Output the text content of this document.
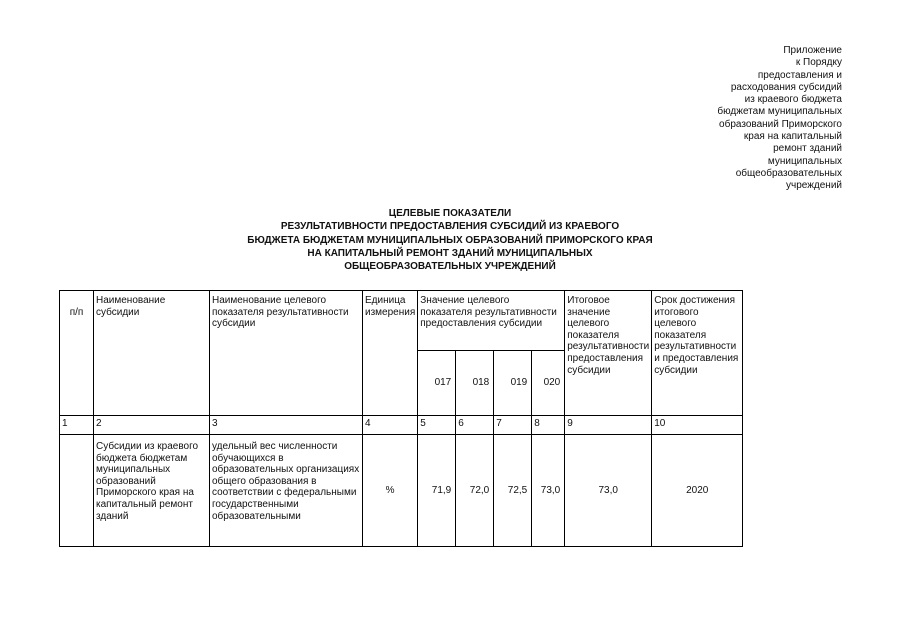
Приложение
к Порядку
предоставления и
расходования субсидий
из краевого бюджета
бюджетам муниципальных
образований Приморского
края на капитальный
ремонт зданий
муниципальных
общеобразовательных
учреждений
ЦЕЛЕВЫЕ ПОКАЗАТЕЛИ
РЕЗУЛЬТАТИВНОСТИ ПРЕДОСТАВЛЕНИЯ СУБСИДИЙ ИЗ КРАЕВОГО
БЮДЖЕТА БЮДЖЕТАМ МУНИЦИПАЛЬНЫХ ОБРАЗОВАНИЙ ПРИМОРСКОГО КРАЯ
НА КАПИТАЛЬНЫЙ РЕМОНТ ЗДАНИЙ МУНИЦИПАЛЬНЫХ
ОБЩЕОБРАЗОВАТЕЛЬНЫХ УЧРЕЖДЕНИЙ
п/п	Наименование субсидии	Наименование целевого показателя результативности субсидии	Единица измерения	Значение целевого показателя результативности предоставления субсидии				Итоговое значение целевого показателя результативности предоставления субсидии	Срок достижения итогового целевого показателя результативности и предоставления субсидии
				017	018	019	020		
1	2	3	4	5	6	7	8	9	10
	Субсидии из краевого бюджета бюджетам муниципальных образований Приморского края на капитальный ремонт зданий	удельный вес численности обучающихся в образовательных организациях общего образования в соответствии с федеральными государственными образовательными	%	71,9	72,0	72,5	73,0	73,0	2020
